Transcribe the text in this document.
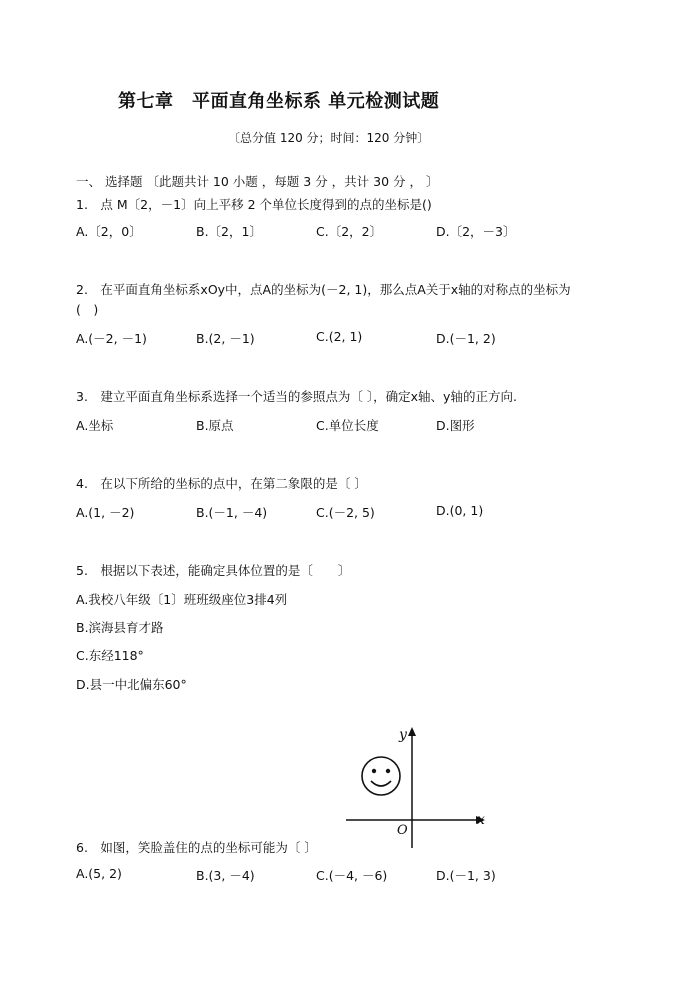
第七章　平面直角坐标系 单元检测试题
〔总分值 120 分；时间：120 分钟〕
一、 选择题 〔此题共计 10 小题 ，每题 3 分 ，共计 30 分 ， 〕
1.　点 M〔2，－1〕向上平移 2 个单位长度得到的点的坐标是()
A.〔2，0〕	B.〔2，1〕	C.〔2，2〕	D.〔2，－3〕
2.　在平面直角坐标系xOy中，点A的坐标为(－2, 1)，那么点A关于x轴的对称点的坐标为
(　)
A.(－2, －1)	B.(2, －1)	C.(2, 1)	D.(－1, 2)
3.　建立平面直角坐标系选择一个适当的参照点为〔 〕，确定x轴、y轴的正方向.
A.坐标	B.原点	C.单位长度	D.图形
4.　在以下所给的坐标的点中，在第二象限的是〔 〕
A.(1, －2)	B.(－1, －4)	C.(－2, 5)	D.(0, 1)
5.　根据以下表述，能确定具体位置的是〔　　〕
A.我校八年级〔1〕班班级座位3排4列
B.滨海县育才路
C.东经118°
D.县一中北偏东60°
y
x
O
6.　如图，笑脸盖住的点的坐标可能为〔 〕
A.(5, 2)	B.(3, －4)	C.(－4, －6)	D.(－1, 3)
